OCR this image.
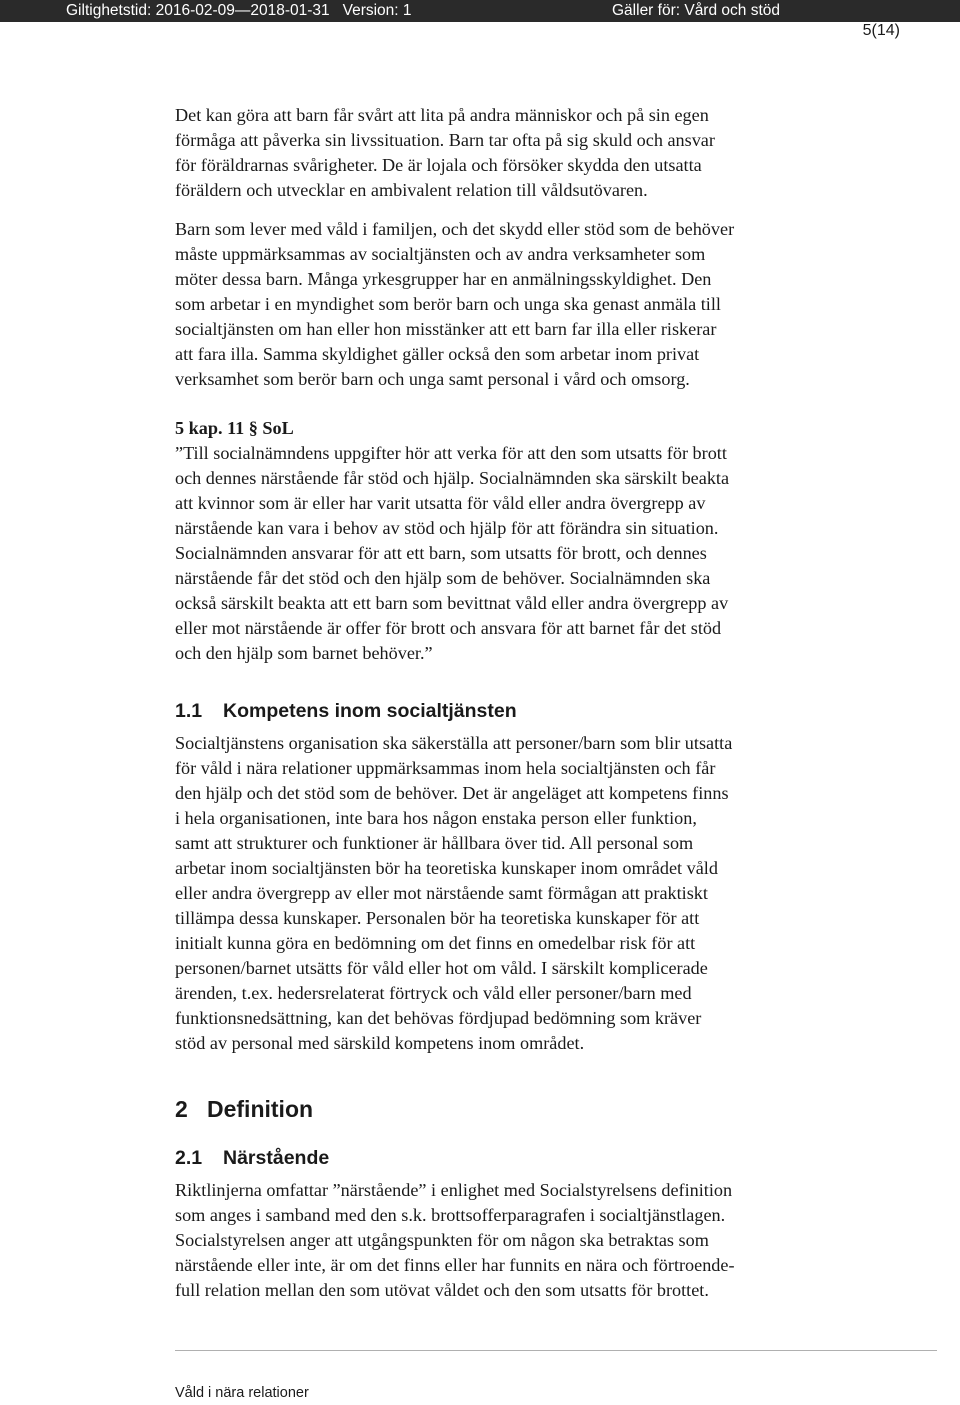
Giltighetstid: 2016-02-09—2018-01-31   Version: 1	Gäller för: Vård och stöd
5(14)

Det kan göra att barn får svårt att lita på andra människor och på sin egen
förmåga att påverka sin livssituation. Barn tar ofta på sig skuld och ansvar
för föräldrarnas svårigheter. De är lojala och försöker skydda den utsatta
föräldern och utvecklar en ambivalent relation till våldsutövaren.

Barn som lever med våld i familjen, och det skydd eller stöd som de behöver
måste uppmärksammas av socialtjänsten och av andra verksamheter som
möter dessa barn. Många yrkesgrupper har en anmälningsskyldighet. Den
som arbetar i en myndighet som berör barn och unga ska genast anmäla till
socialtjänsten om han eller hon misstänker att ett barn far illa eller riskerar
att fara illa. Samma skyldighet gäller också den som arbetar inom privat
verksamhet som berör barn och unga samt personal i vård och omsorg.

5 kap. 11 § SoL

”Till socialnämndens uppgifter hör att verka för att den som utsatts för brott
och dennes närstående får stöd och hjälp. Socialnämnden ska särskilt beakta
att kvinnor som är eller har varit utsatta för våld eller andra övergrepp av
närstående kan vara i behov av stöd och hjälp för att förändra sin situation.
Socialnämnden ansvarar för att ett barn, som utsatts för brott, och dennes
närstående får det stöd och den hjälp som de behöver. Socialnämnden ska
också särskilt beakta att ett barn som bevittnat våld eller andra övergrepp av
eller mot närstående är offer för brott och ansvara för att barnet får det stöd
och den hjälp som barnet behöver.”

1.1 Kompetens inom socialtjänsten

Socialtjänstens organisation ska säkerställa att personer/barn som blir utsatta
för våld i nära relationer uppmärksammas inom hela socialtjänsten och får
den hjälp och det stöd som de behöver. Det är angeläget att kompetens finns
i hela organisationen, inte bara hos någon enstaka person eller funktion,
samt att strukturer och funktioner är hållbara över tid. All personal som
arbetar inom socialtjänsten bör ha teoretiska kunskaper inom området våld
eller andra övergrepp av eller mot närstående samt förmågan att praktiskt
tillämpa dessa kunskaper. Personalen bör ha teoretiska kunskaper för att
initialt kunna göra en bedömning om det finns en omedelbar risk för att
personen/barnet utsätts för våld eller hot om våld. I särskilt komplicerade
ärenden, t.ex. hedersrelaterat förtryck och våld eller personer/barn med
funktionsnedsättning, kan det behövas fördjupad bedömning som kräver
stöd av personal med särskild kompetens inom området.

2 Definition
2.1 Närstående

Riktlinjerna omfattar ”närstående” i enlighet med Socialstyrelsens definition
som anges i samband med den s.k. brottsofferparagrafen i socialtjänstlagen.
Socialstyrelsen anger att utgångspunkten för om någon ska betraktas som
närstående eller inte, är om det finns eller har funnits en nära och förtroende-
full relation mellan den som utövat våldet och den som utsatts för brottet.

Våld i nära relationer
